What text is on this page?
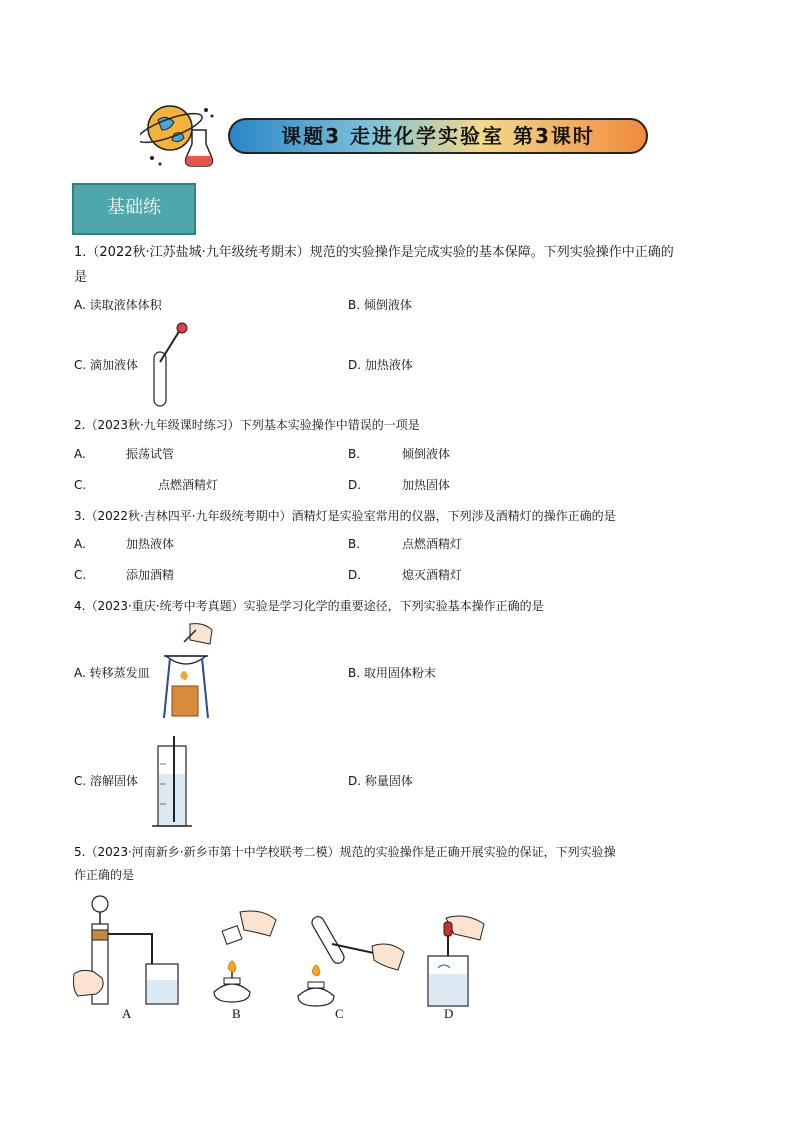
课题3 走进化学实验室 第3课时
基础练
1.（2022秋·江苏盐城·九年级统考期末）规范的实验操作是完成实验的基本保障。下列实验操作中正确的
是
A. 读取液体体积	B. 倾倒液体
C. 滴加液体	D. 加热液体
2.（2023秋·九年级课时练习）下列基本实验操作中错误的一项是
A.	振荡试管	B.	倾倒液体
C.	点燃酒精灯	D.	加热固体
3.（2022秋·吉林四平·九年级统考期中）酒精灯是实验室常用的仪器，下列涉及酒精灯的操作正确的是
A.	加热液体	B.	点燃酒精灯
C.	添加酒精	D.	熄灭酒精灯
4.（2023·重庆·统考中考真题）实验是学习化学的重要途径，下列实验基本操作正确的是
A. 转移蒸发皿	B. 取用固体粉末
C. 溶解固体	D. 称量固体
5.（2023·河南新乡·新乡市第十中学校联考二模）规范的实验操作是正确开展实验的保证，下列实验操
作正确的是
A	B	C	D
